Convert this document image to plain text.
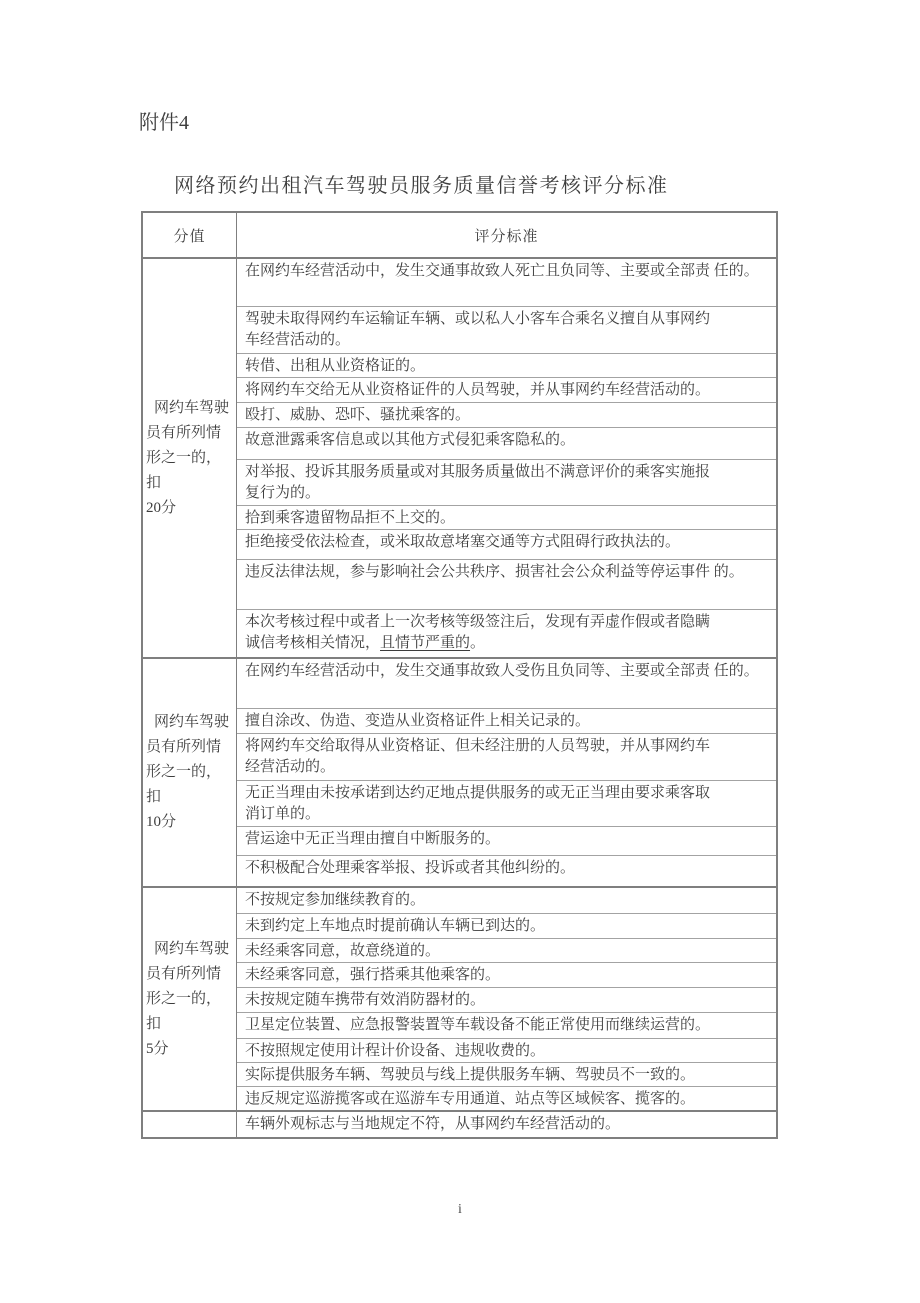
附件4
网络预约出租汽车驾驶员服务质量信誉考核评分标准
分值	评分标准
网约车驾驶
员有所列情
形之一的，扣
20分
在网约车经营活动中，发生交通事故致人死亡且负同等、主要或全部责 任的。
驾驶未取得网约车运输证车辆、或以私人小客车合乘名义擅自从事网约
车经营活动的。
转借、出租从业资格证的。
将网约车交给无从业资格证件的人员驾驶，并从事网约车经营活动的。
殴打、威胁、恐吓、骚扰乘客的。
故意泄露乘客信息或以其他方式侵犯乘客隐私的。
对举报、投诉其服务质量或对其服务质量做出不满意评价的乘客实施报
复行为的。
拾到乘客遗留物品拒不上交的。
拒绝接受依法检查，或米取故意堵塞交通等方式阻碍行政执法的。
违反法律法规，参与影响社会公共秩序、损害社会公众利益等停运事件 的。
本次考核过程中或者上一次考核等级签注后，发现有弄虚作假或者隐瞒
诚信考核相关情况，且情节严重的。
网约车驾驶
员有所列情
形之一的，扣
10分
在网约车经营活动中，发生交通事故致人受伤且负同等、主要或全部责 任的。
擅自涂改、伪造、变造从业资格证件上相关记录的。
将网约车交给取得从业资格证、但未经注册的人员驾驶，并从事网约车
经营活动的。
无正当理由未按承诺到达约疋地点提供服务的或无正当理由要求乘客取
消订单的。
营运途中无正当理由擅自中断服务的。
不积极配合处理乘客举报、投诉或者其他纠纷的。
网约车驾驶
员有所列情
形之一的，扣
5分
不按规定参加继续教育的。
未到约定上车地点时提前确认车辆已到达的。
未经乘客同意，故意绕道的。
未经乘客同意，强行搭乘其他乘客的。
未按规定随车携带有效消防器材的。
卫星定位装置、应急报警装置等车载设备不能正常使用而继续运营的。
不按照规定使用计程计价设备、违规收费的。
实际提供服务车辆、驾驶员与线上提供服务车辆、驾驶员不一致的。
违反规定巡游揽客或在巡游车专用通道、站点等区域候客、揽客的。
车辆外观标志与当地规定不符，从事网约车经营活动的。
i
